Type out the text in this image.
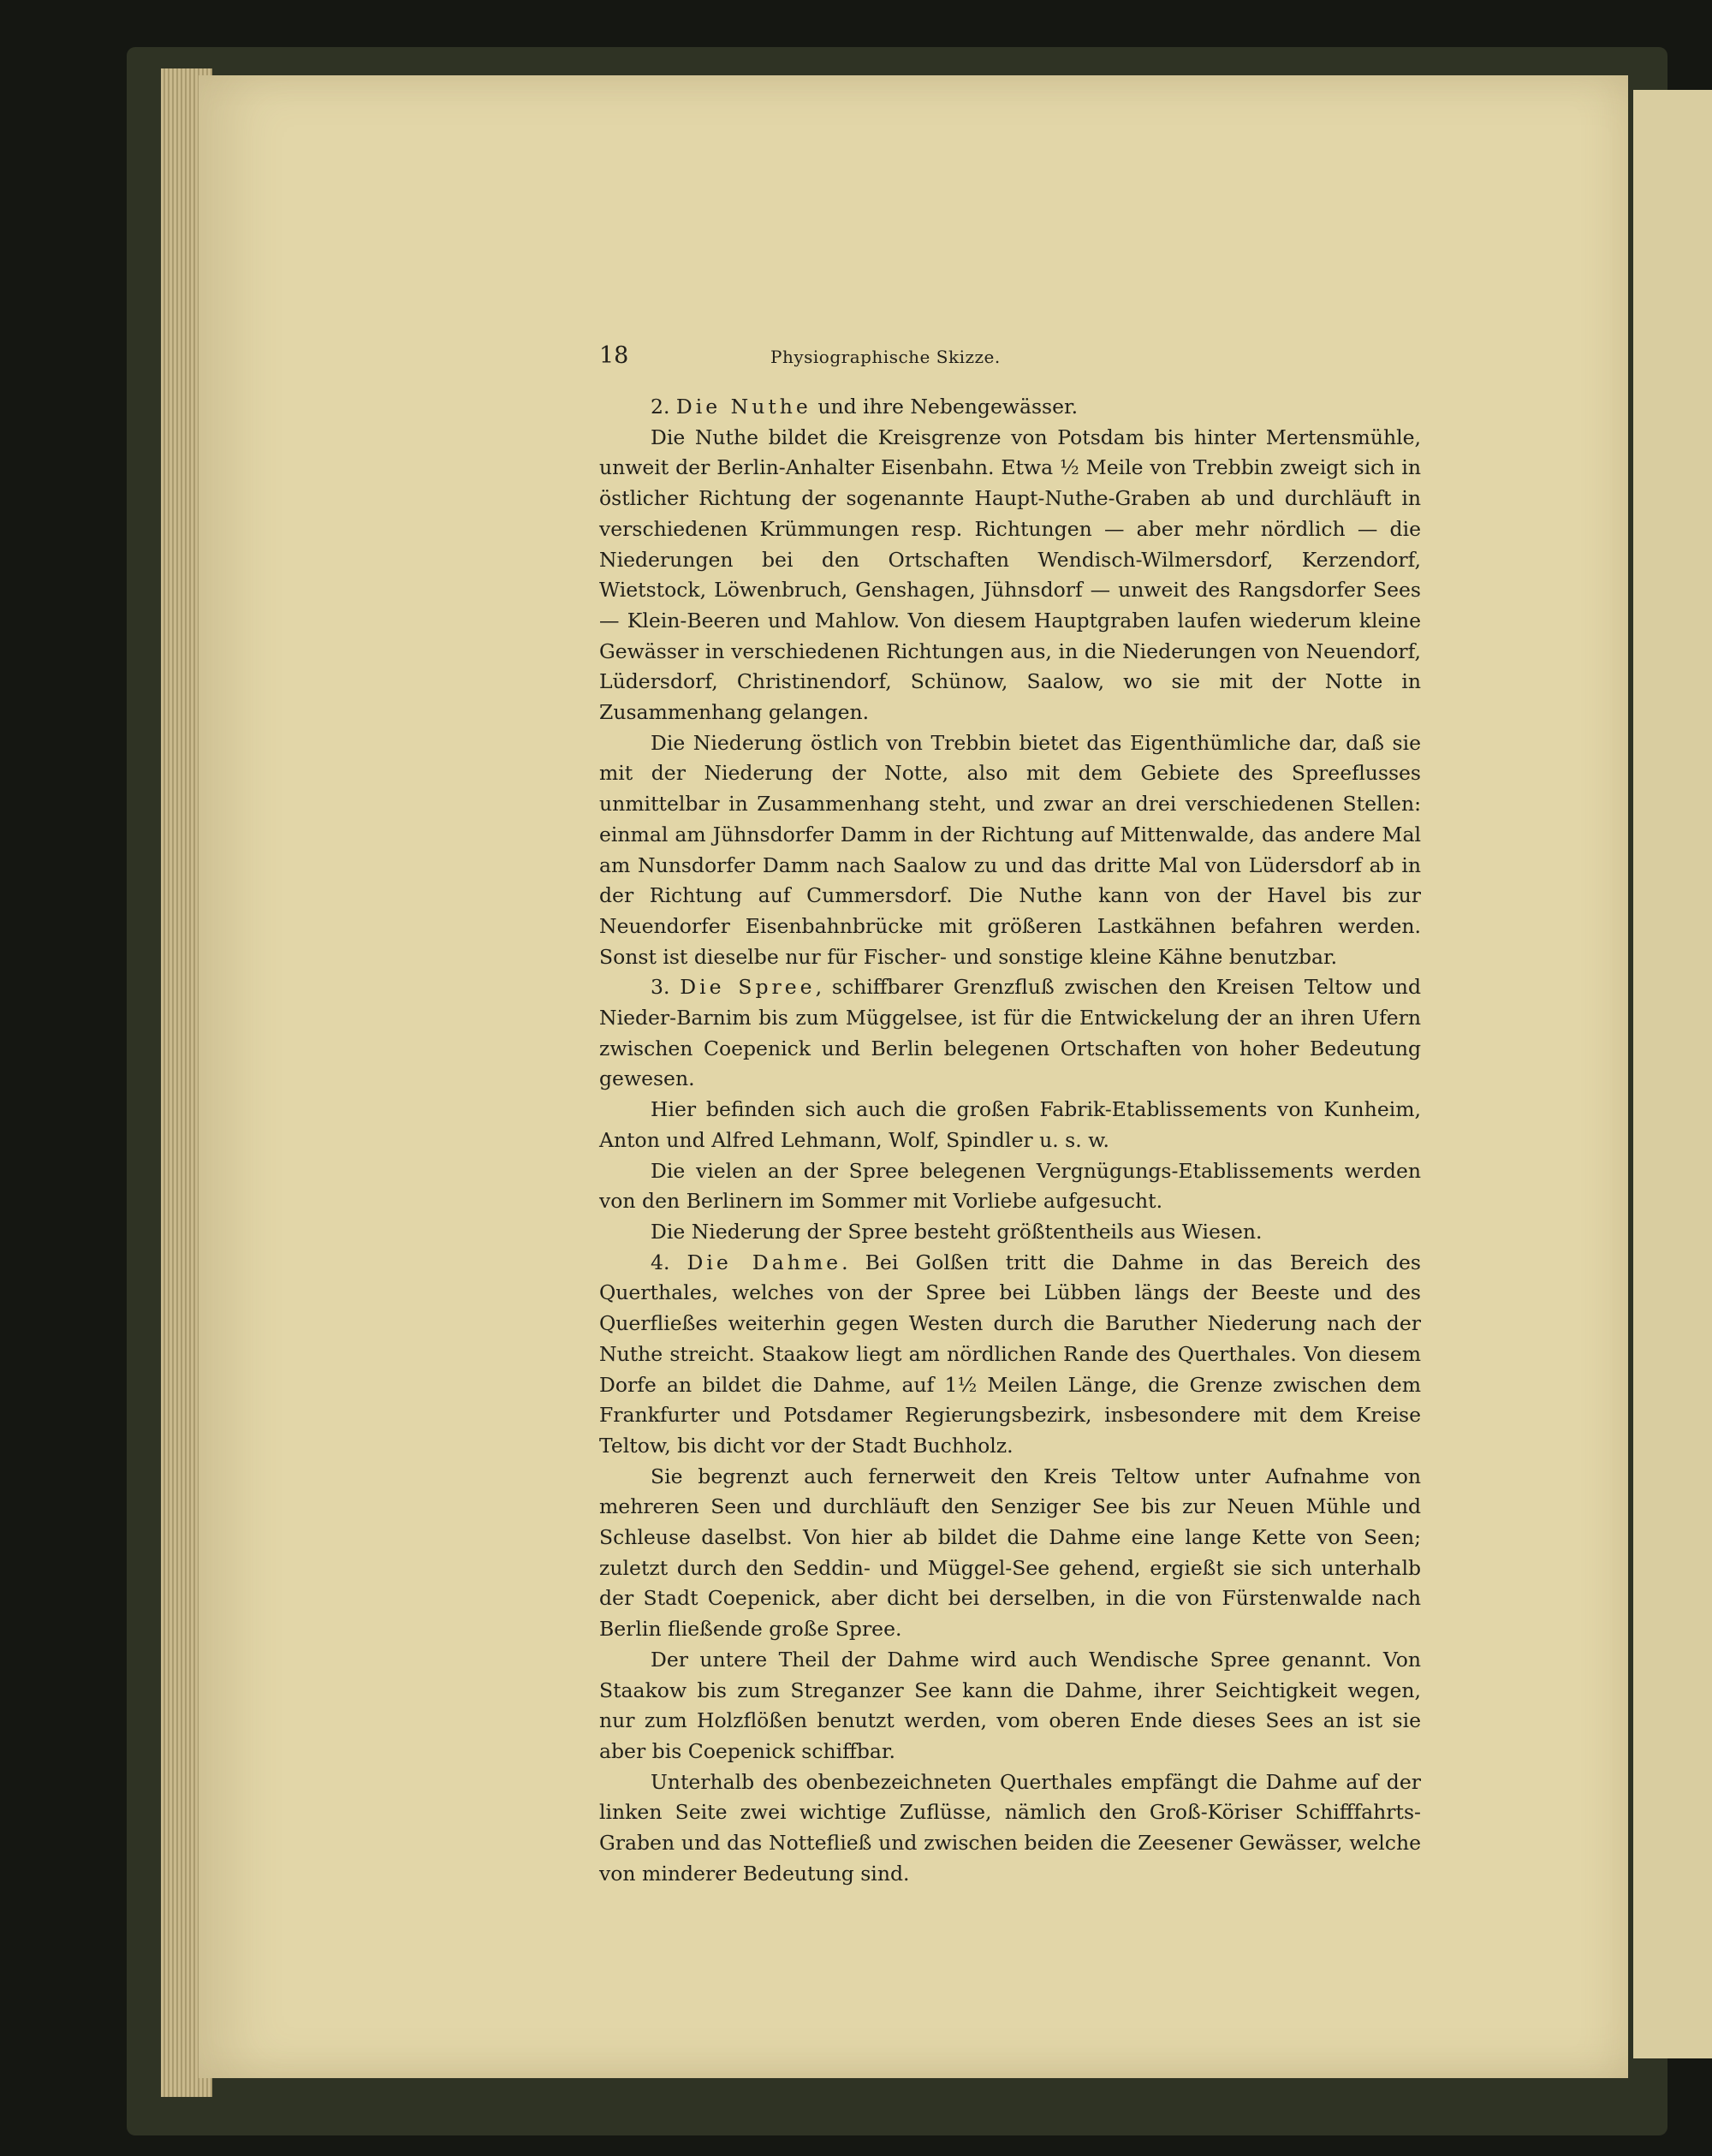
18	Physiographische Skizze.

2. Die Nuthe und ihre Nebengewässer.

Die Nuthe bildet die Kreisgrenze von Potsdam bis hinter Mertensmühle, unweit der Berlin-Anhalter Eisenbahn. Etwa ½ Meile von Trebbin zweigt sich in östlicher Richtung der sogenannte Haupt-Nuthe-Graben ab und durchläuft in verschiedenen Krümmungen resp. Richtungen — aber mehr nördlich — die Niederungen bei den Ortschaften Wendisch-Wilmersdorf, Kerzendorf, Wietstock, Löwenbruch, Genshagen, Jühnsdorf — unweit des Rangsdorfer Sees — Klein-Beeren und Mahlow. Von diesem Hauptgraben laufen wiederum kleine Gewässer in verschiedenen Richtungen aus, in die Niederungen von Neuendorf, Lüdersdorf, Christinendorf, Schünow, Saalow, wo sie mit der Notte in Zusammenhang gelangen.

Die Niederung östlich von Trebbin bietet das Eigenthümliche dar, daß sie mit der Niederung der Notte, also mit dem Gebiete des Spreeflusses unmittelbar in Zusammenhang steht, und zwar an drei verschiedenen Stellen: einmal am Jühnsdorfer Damm in der Richtung auf Mittenwalde, das andere Mal am Nunsdorfer Damm nach Saalow zu und das dritte Mal von Lüdersdorf ab in der Richtung auf Cummersdorf. Die Nuthe kann von der Havel bis zur Neuendorfer Eisenbahnbrücke mit größeren Lastkähnen befahren werden. Sonst ist dieselbe nur für Fischer- und sonstige kleine Kähne benutzbar.

3. Die Spree, schiffbarer Grenzfluß zwischen den Kreisen Teltow und Nieder-Barnim bis zum Müggelsee, ist für die Entwickelung der an ihren Ufern zwischen Coepenick und Berlin belegenen Ortschaften von hoher Bedeutung gewesen.

Hier befinden sich auch die großen Fabrik-Etablissements von Kunheim, Anton und Alfred Lehmann, Wolf, Spindler u. s. w.

Die vielen an der Spree belegenen Vergnügungs-Etablissements werden von den Berlinern im Sommer mit Vorliebe aufgesucht.

Die Niederung der Spree besteht größtentheils aus Wiesen.

4. Die Dahme. Bei Golßen tritt die Dahme in das Bereich des Querthales, welches von der Spree bei Lübben längs der Beeste und des Querfließes weiterhin gegen Westen durch die Baruther Niederung nach der Nuthe streicht. Staakow liegt am nördlichen Rande des Querthales. Von diesem Dorfe an bildet die Dahme, auf 1½ Meilen Länge, die Grenze zwischen dem Frankfurter und Potsdamer Regierungsbezirk, insbesondere mit dem Kreise Teltow, bis dicht vor der Stadt Buchholz.

Sie begrenzt auch fernerweit den Kreis Teltow unter Aufnahme von mehreren Seen und durchläuft den Senziger See bis zur Neuen Mühle und Schleuse daselbst. Von hier ab bildet die Dahme eine lange Kette von Seen; zuletzt durch den Seddin- und Müggel-See gehend, ergießt sie sich unterhalb der Stadt Coepenick, aber dicht bei derselben, in die von Fürstenwalde nach Berlin fließende große Spree.

Der untere Theil der Dahme wird auch Wendische Spree genannt. Von Staakow bis zum Streganzer See kann die Dahme, ihrer Seichtigkeit wegen, nur zum Holzflößen benutzt werden, vom oberen Ende dieses Sees an ist sie aber bis Coepenick schiffbar.

Unterhalb des obenbezeichneten Querthales empfängt die Dahme auf der linken Seite zwei wichtige Zuflüsse, nämlich den Groß-Köriser Schifffahrts-Graben und das Nottefließ und zwischen beiden die Zeesener Gewässer, welche von minderer Bedeutung sind.
